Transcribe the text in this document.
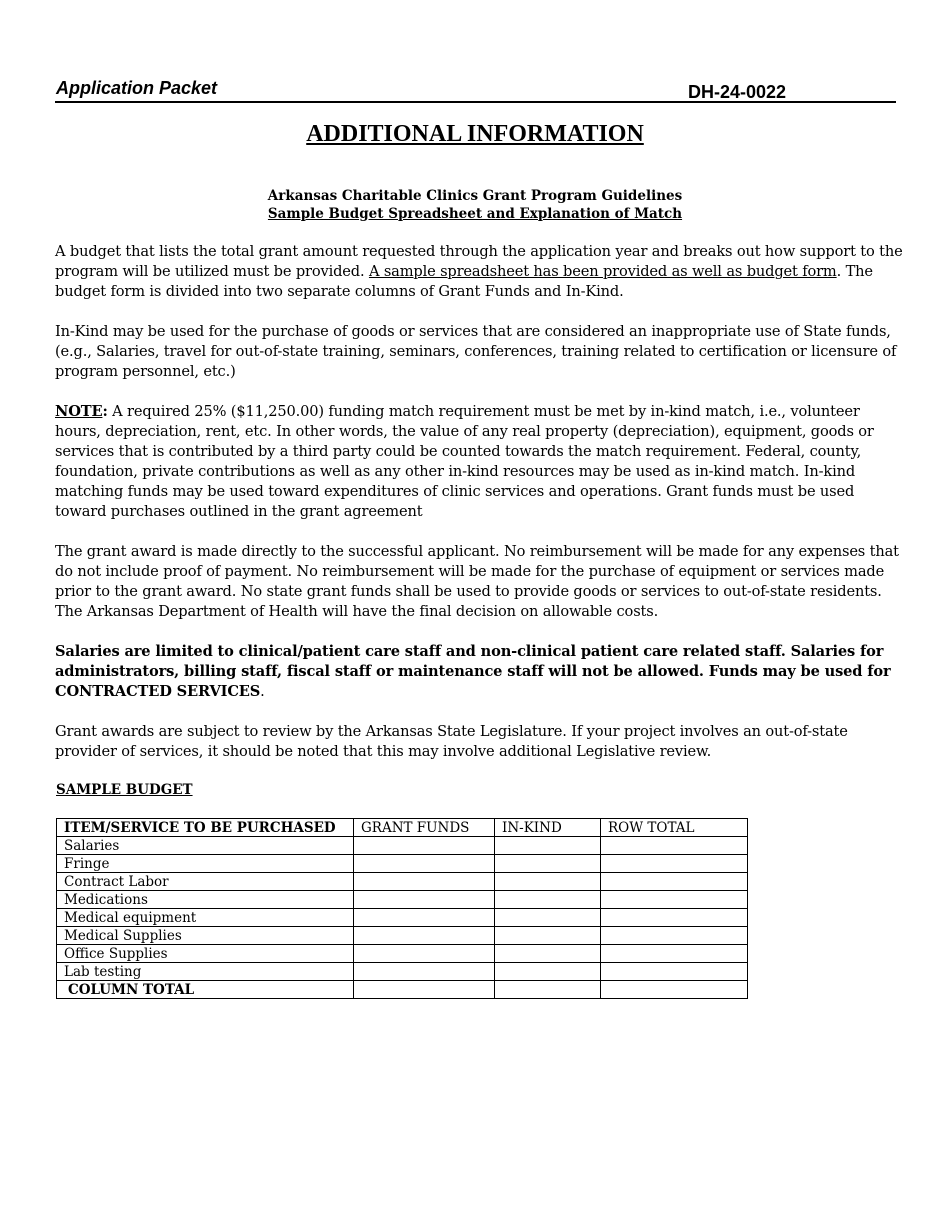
Application Packet	DH-24-0022
ADDITIONAL INFORMATION
Arkansas Charitable Clinics Grant Program Guidelines
Sample Budget Spreadsheet and Explanation of Match
A budget that lists the total grant amount requested through the application year and breaks out how support to the program will be utilized must be provided. A sample spreadsheet has been provided as well as budget form. The budget form is divided into two separate columns of Grant Funds and In-Kind.
In-Kind may be used for the purchase of goods or services that are considered an inappropriate use of State funds, (e.g., Salaries, travel for out-of-state training, seminars, conferences, training related to certification or licensure of program personnel, etc.)
NOTE: A required 25% ($11,250.00) funding match requirement must be met by in-kind match, i.e., volunteer hours, depreciation, rent, etc. In other words, the value of any real property (depreciation), equipment, goods or services that is contributed by a third party could be counted towards the match requirement. Federal, county, foundation, private contributions as well as any other in-kind resources may be used as in-kind match. In-kind matching funds may be used toward expenditures of clinic services and operations. Grant funds must be used toward purchases outlined in the grant agreement
The grant award is made directly to the successful applicant. No reimbursement will be made for any expenses that do not include proof of payment. No reimbursement will be made for the purchase of equipment or services made prior to the grant award. No state grant funds shall be used to provide goods or services to out-of-state residents. The Arkansas Department of Health will have the final decision on allowable costs.
Salaries are limited to clinical/patient care staff and non-clinical patient care related staff. Salaries for administrators, billing staff, fiscal staff or maintenance staff will not be allowed. Funds may be used for CONTRACTED SERVICES.
Grant awards are subject to review by the Arkansas State Legislature. If your project involves an out-of-state provider of services, it should be noted that this may involve additional Legislative review.
SAMPLE BUDGET
ITEM/SERVICE TO BE PURCHASED	GRANT FUNDS	IN-KIND	ROW TOTAL
Salaries			
Fringe			
Contract Labor			
Medications			
Medical equipment			
Medical Supplies			
Office Supplies			
Lab testing			
COLUMN TOTAL			
